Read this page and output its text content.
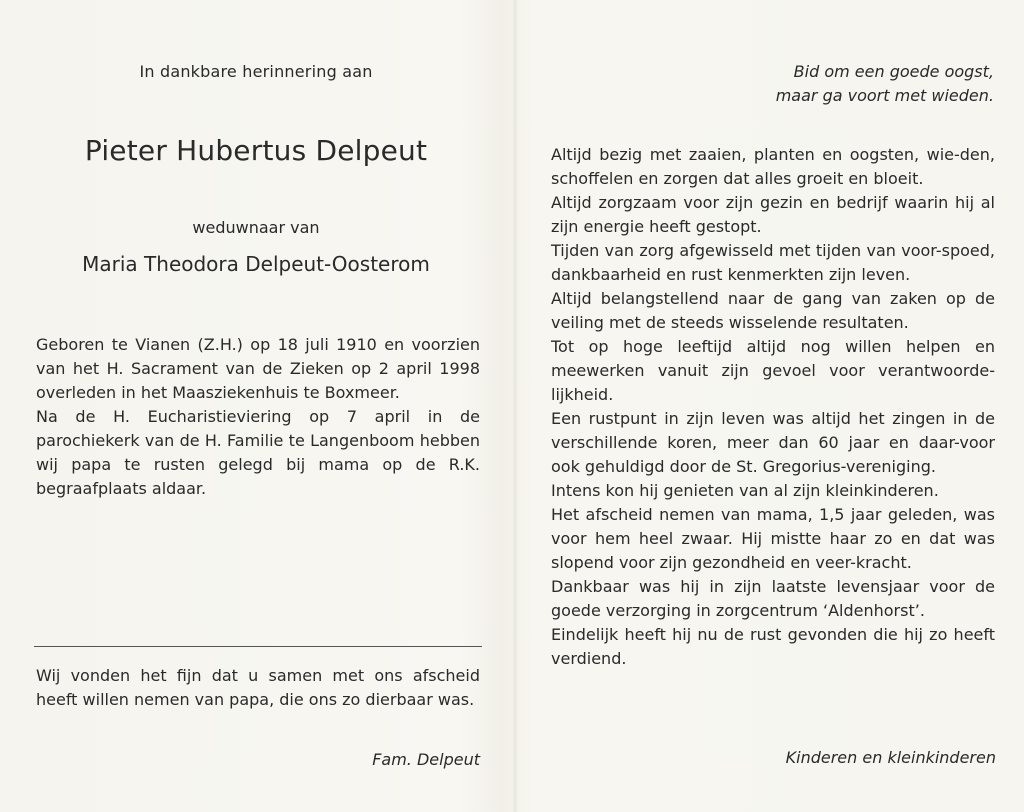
In dankbare herinnering aan
Pieter Hubertus Delpeut
weduwnaar van
Maria Theodora Delpeut-Oosterom

Geboren te Vianen (Z.H.) op 18 juli 1910 en voorzien van het H. Sacrament van de Zieken op 2 april 1998 overleden in het Maasziekenhuis te Boxmeer.

Na de H. Eucharistieviering op 7 april in de parochiekerk van de H. Familie te Langenboom hebben wij papa te rusten gelegd bij mama op de R.K. begraafplaats aldaar.

Wij vonden het fijn dat u samen met ons afscheid heeft willen nemen van papa, die ons zo dierbaar was.
Fam. Delpeut
Bid om een goede oogst,
maar ga voort met wieden.

Altijd bezig met zaaien, planten en oogsten, wie-den, schoffelen en zorgen dat alles groeit en bloeit.

Altijd zorgzaam voor zijn gezin en bedrijf waarin hij al zijn energie heeft gestopt.

Tijden van zorg afgewisseld met tijden van voor-spoed, dankbaarheid en rust kenmerkten zijn leven.

Altijd belangstellend naar de gang van zaken op de veiling met de steeds wisselende resultaten.

Tot op hoge leeftijd altijd nog willen helpen en meewerken vanuit zijn gevoel voor verantwoorde-lijkheid.

Een rustpunt in zijn leven was altijd het zingen in de verschillende koren, meer dan 60 jaar en daar-voor ook gehuldigd door de St. Gregorius-vereniging.

Intens kon hij genieten van al zijn kleinkinderen.

Het afscheid nemen van mama, 1,5 jaar geleden, was voor hem heel zwaar. Hij mistte haar zo en dat was slopend voor zijn gezondheid en veer-kracht.

Dankbaar was hij in zijn laatste levensjaar voor de goede verzorging in zorgcentrum ‘Aldenhorst’.

Eindelijk heeft hij nu de rust gevonden die hij zo heeft verdiend.

Kinderen en kleinkinderen
